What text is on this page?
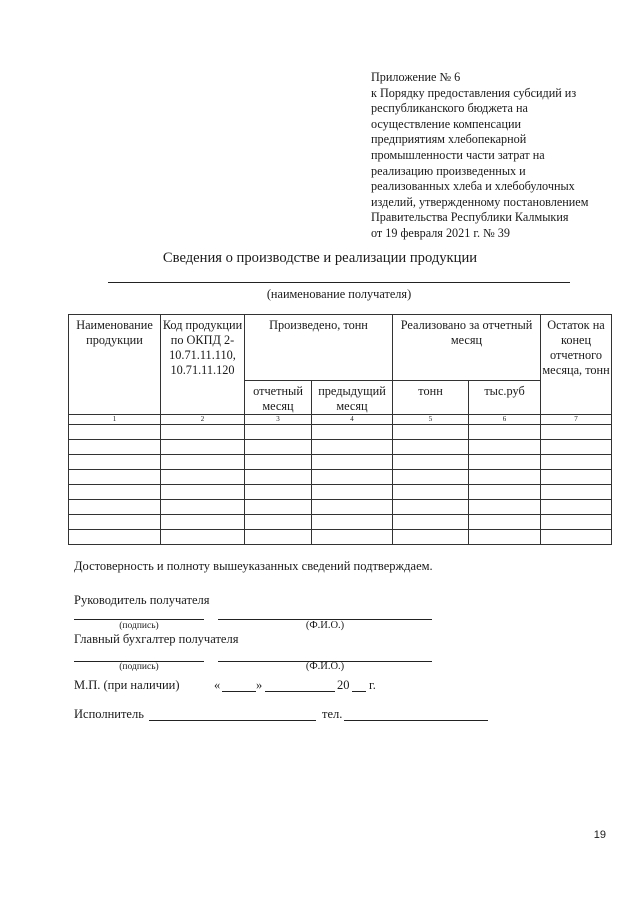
Приложение № 6
к Порядку предоставления субсидий из
республиканского бюджета на
осуществление компенсации
предприятиям хлебопекарной
промышленности части затрат на
реализацию произведенных и
реализованных хлеба и хлебобулочных
изделий, утвержденному постановлением
Правительства Республики Калмыкия
от 19 февраля 2021 г. № 39
Сведения о производстве и реализации продукции
(наименование получателя)
Наименование продукции	Код продукции по ОКПД 2-10.71.11.110, 10.71.11.120	Произведено, тонн		Реализовано за отчетный месяц		Остаток на конец отчетного месяца, тонн
		отчетный месяц	предыдущий месяц	тонн	тыс.руб	
1	2	3	4	5	6	7

Достоверность и полноту вышеуказанных сведений подтверждаем.
Руководитель получателя
(подпись)	(Ф.И.О.)
Главный бухгалтер получателя
(подпись)	(Ф.И.О.)
М.П. (при наличии)	«	»	20 г.
Исполнитель	тел.
19
